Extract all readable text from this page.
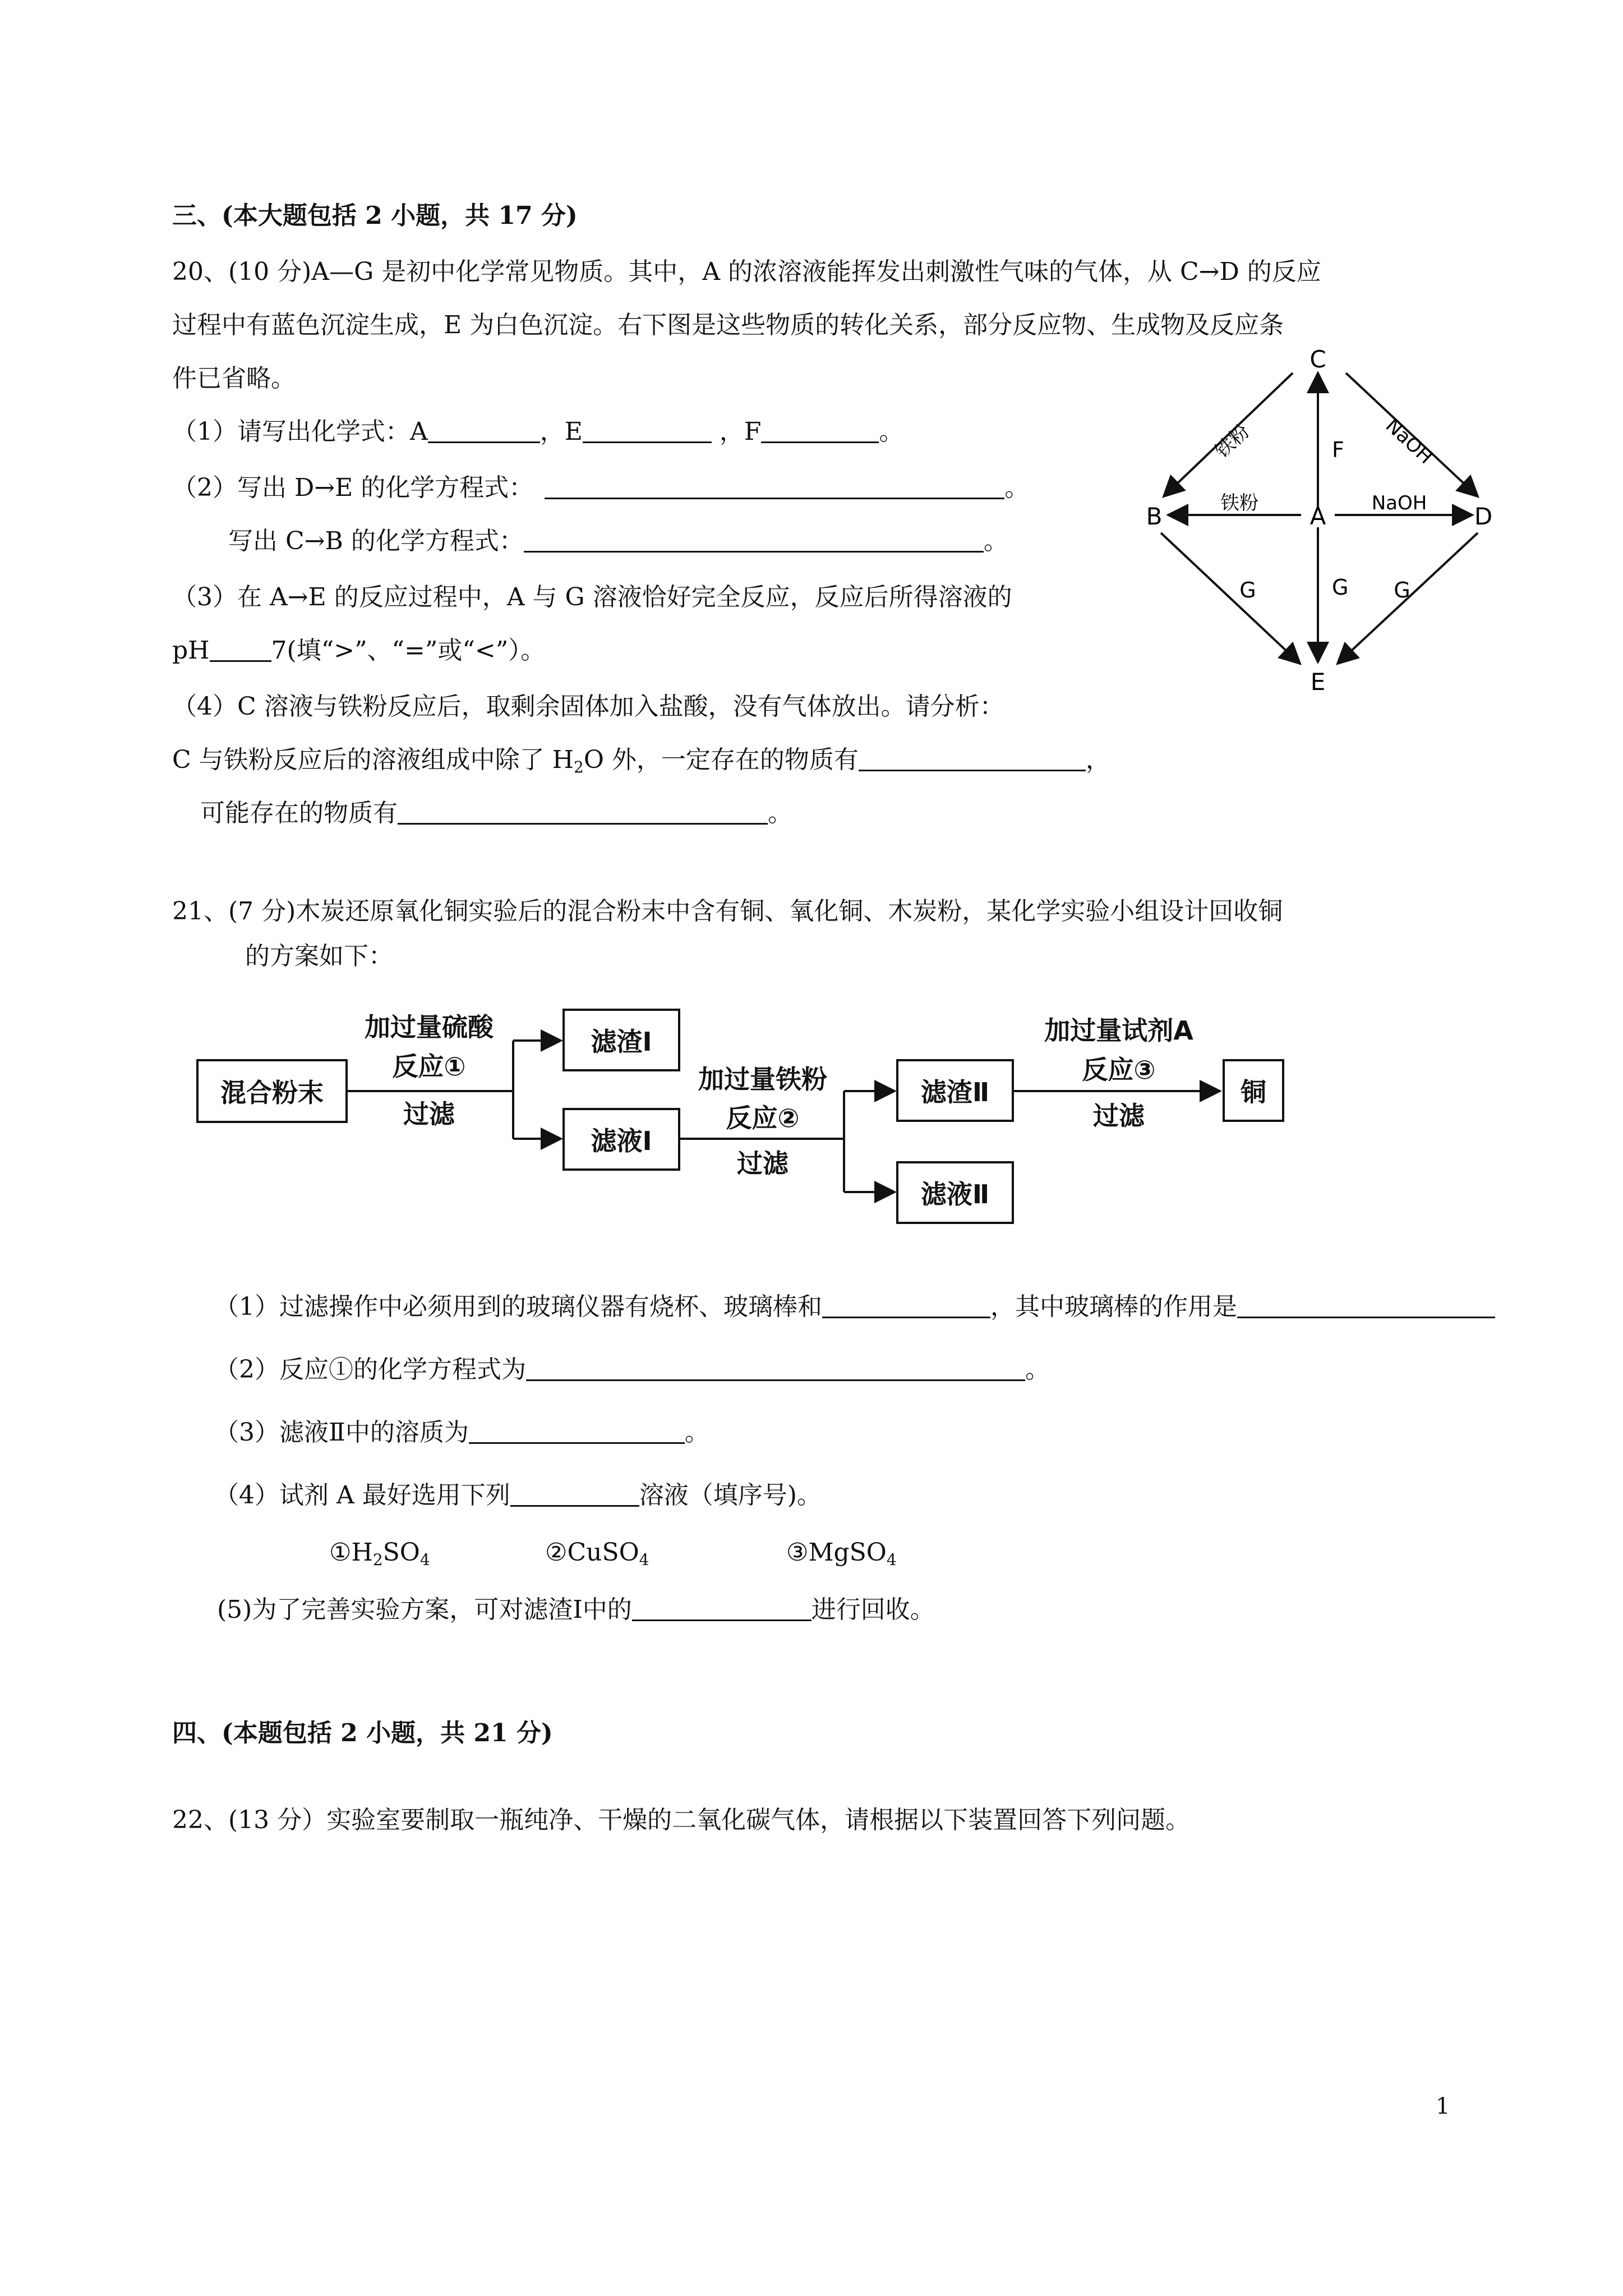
三、(本大题包括 2 小题，共 17 分)
20、(10 分)A—G 是初中化学常见物质。其中，A 的浓溶液能挥发出刺激性气味的气体，从 C→D 的反应
过程中有蓝色沉淀生成，E 为白色沉淀。右下图是这些物质的转化关系，部分反应物、生成物及反应条
件已省略。
（1）请写出化学式：A	，E	，F	。
（2）写出 D→E 的化学方程式：	。
写出 C→B 的化学方程式：	。
（3）在 A→E 的反应过程中，A 与 G 溶液恰好完全反应，反应后所得溶液的
pH	7(填“>”、“=”或“<”）。
（4）C 溶液与铁粉反应后，取剩余固体加入盐酸，没有气体放出。请分析：
C 与铁粉反应后的溶液组成中除了 $H_2O$ 外，一定存在的物质有	，
可能存在的物质有	。
C
B	A	D
E
铁粉	NaOH
F
铁粉	NaOH
G	G G
21、(7 分)木炭还原氧化铜实验后的混合粉末中含有铜、氧化铜、木炭粉，某化学实验小组设计回收铜
的方案如下：
混合粉末
滤渣Ⅰ
滤液Ⅰ
滤渣Ⅱ
滤液Ⅱ
铜
加过量硫酸
反应①
过滤
加过量铁粉
反应②
过滤
加过量试剂A
反应③
过滤
（1）过滤操作中必须用到的玻璃仪器有烧杯、玻璃棒和	，其中玻璃棒的作用是
（2）反应①的化学方程式为	。
（3）滤液Ⅱ中的溶质为	。
（4）试剂 A 最好选用下列	溶液（填序号)。
$①H_2SO_4$	②CuSO$_4$	③MgSO$_4$
(5)为了完善实验方案，可对滤渣Ⅰ中的	进行回收。
四、(本题包括 2 小题，共 21 分)
22、(13 分）实验室要制取一瓶纯净、干燥的二氧化碳气体，请根据以下装置回答下列问题。
1
